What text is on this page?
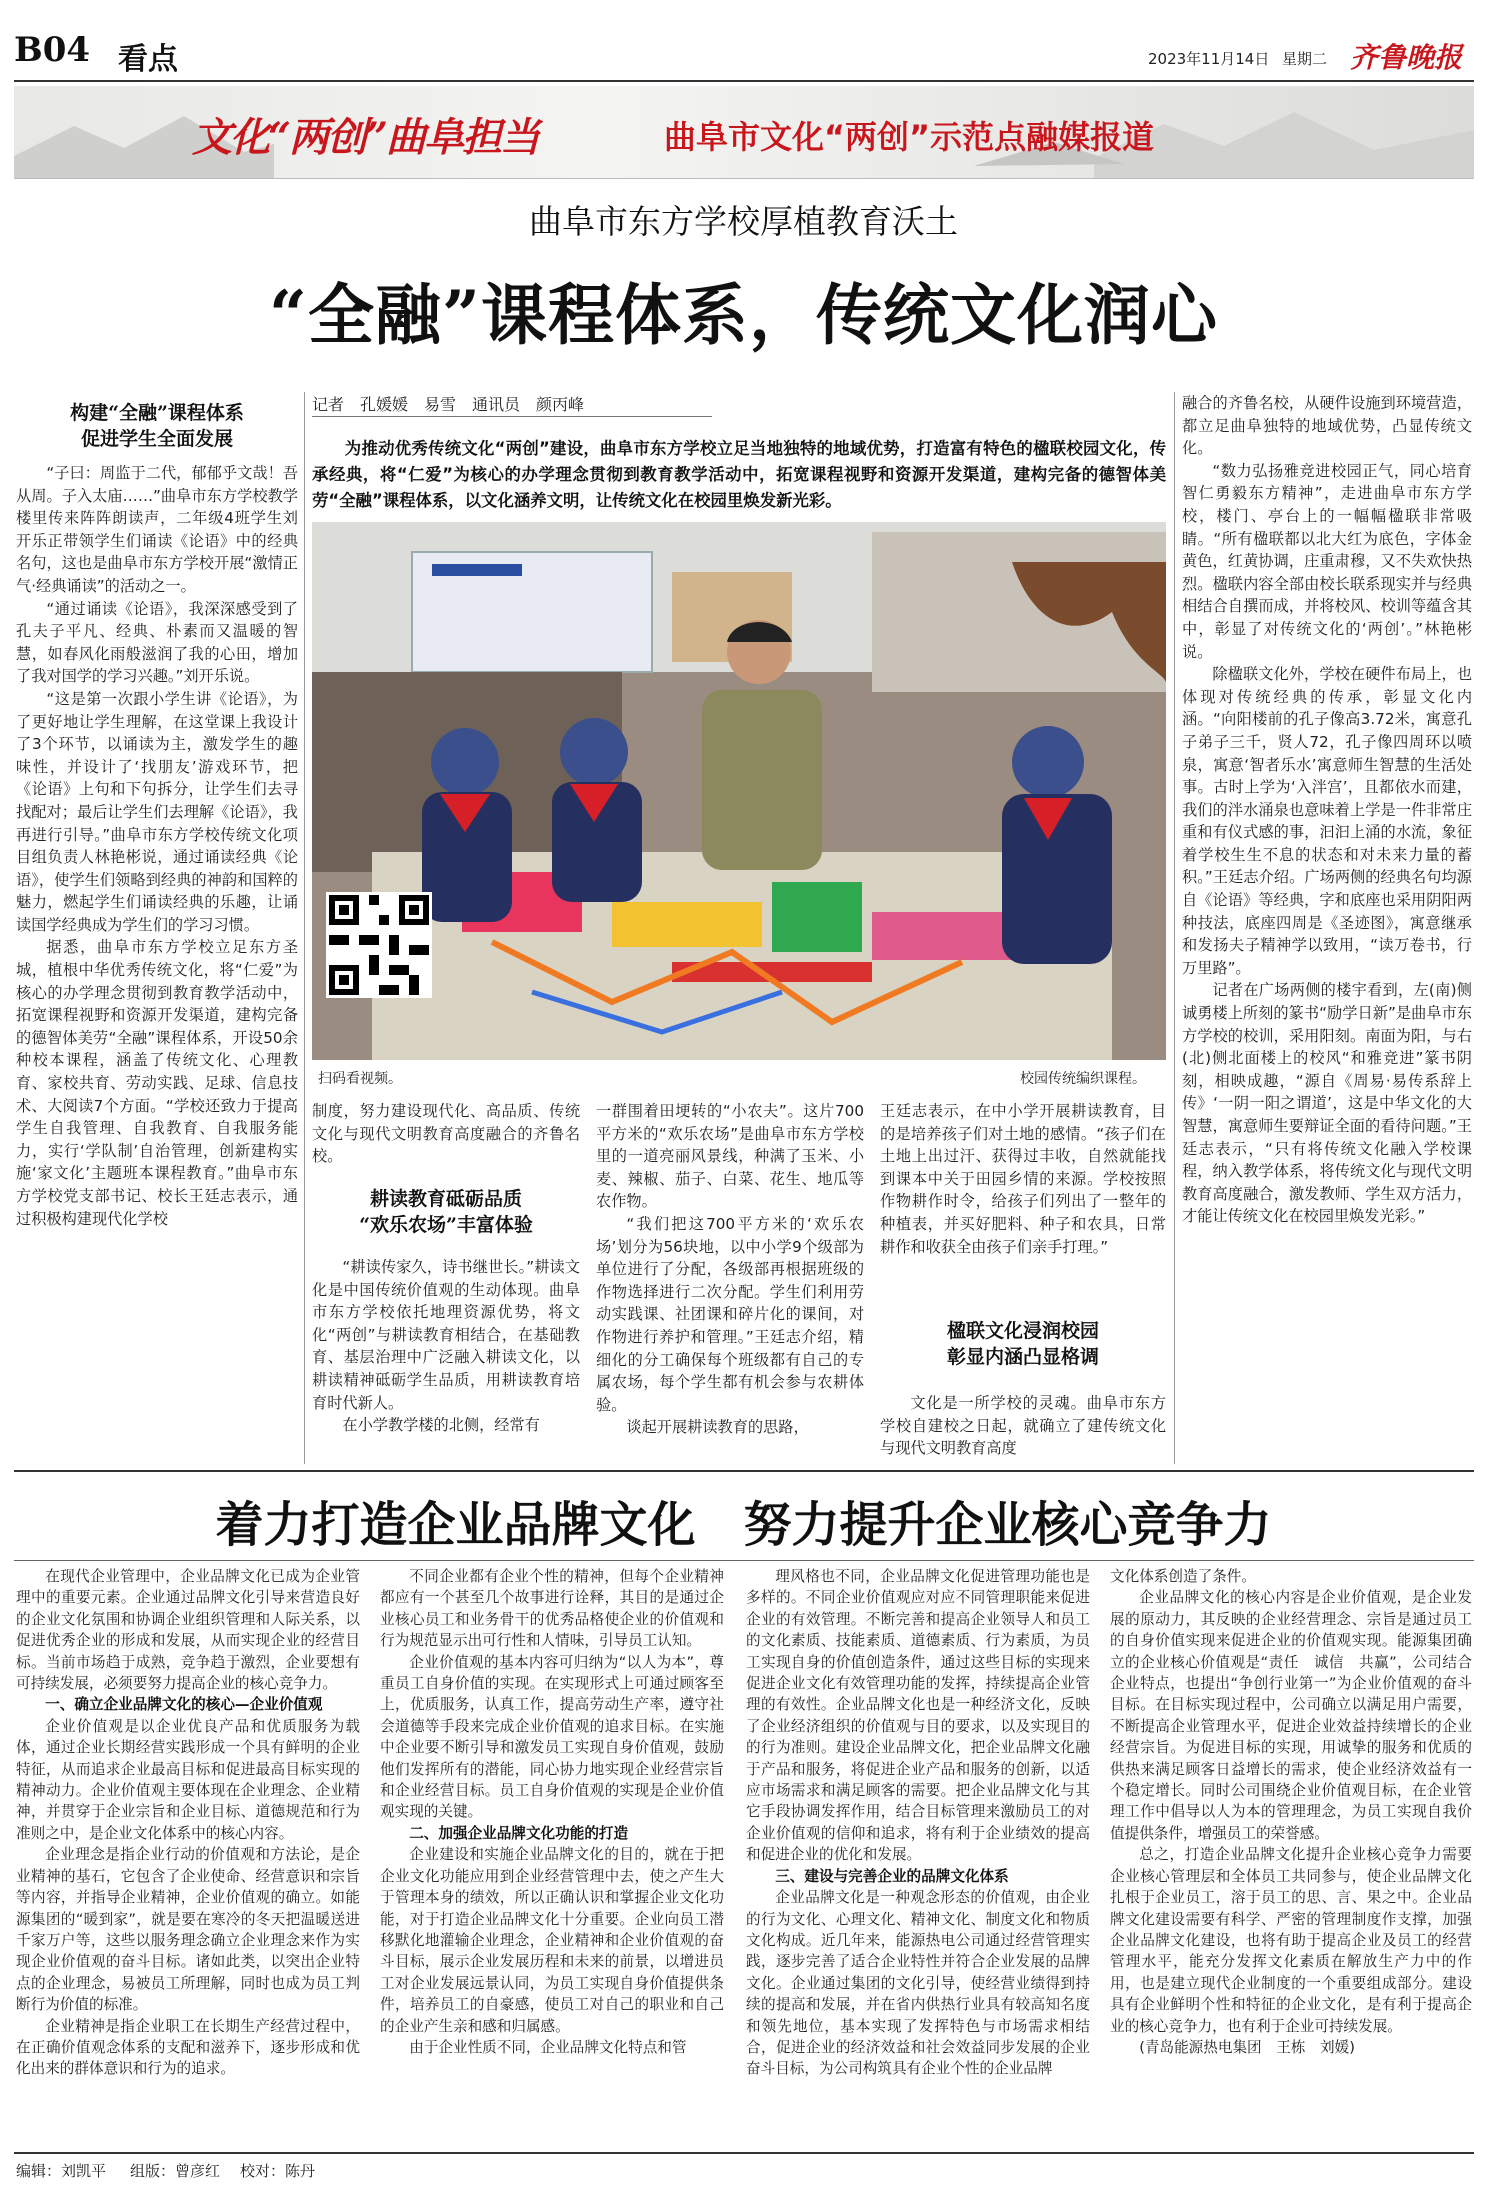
B04 看点	2023年11月14日 星期二 齐鲁晚报
文化“两创”曲阜担当	曲阜市文化“两创”示范点融媒报道
曲阜市东方学校厚植教育沃土
“全融”课程体系，传统文化润心
记者　孔媛媛　易雪　通讯员　颜丙峰
为推动优秀传统文化“两创”建设，曲阜市东方学校立足当地独特的地域优势，打造富有特色的楹联校园文化，传承经典，将“仁爱”为核心的办学理念贯彻到教育教学活动中，拓宽课程视野和资源开发渠道，建构完备的德智体美劳“全融”课程体系，以文化涵养文明，让传统文化在校园里焕发新光彩。
扫码看视频。	校园传统编织课程。
构建“全融”课程体系
促进学生全面发展

“子曰：周监于二代，郁郁乎文哉！吾从周。子入太庙……”曲阜市东方学校教学楼里传来阵阵朗读声，二年级4班学生刘开乐正带领学生们诵读《论语》中的经典名句，这也是曲阜市东方学校开展“激情正气·经典诵读”的活动之一。

“通过诵读《论语》，我深深感受到了孔夫子平凡、经典、朴素而又温暖的智慧，如春风化雨般滋润了我的心田，增加了我对国学的学习兴趣。”刘开乐说。

“这是第一次跟小学生讲《论语》，为了更好地让学生理解，在这堂课上我设计了3个环节，以诵读为主，激发学生的趣味性，并设计了‘找朋友’游戏环节，把《论语》上句和下句拆分，让学生们去寻找配对；最后让学生们去理解《论语》，我再进行引导。”曲阜市东方学校传统文化项目组负责人林艳彬说，通过诵读经典《论语》，使学生们领略到经典的神韵和国粹的魅力，燃起学生们诵读经典的乐趣，让诵读国学经典成为学生们的学习习惯。

据悉，曲阜市东方学校立足东方圣城，植根中华优秀传统文化，将“仁爱”为核心的办学理念贯彻到教育教学活动中，拓宽课程视野和资源开发渠道，建构完备的德智体美劳“全融”课程体系，开设50余种校本课程，涵盖了传统文化、心理教育、家校共育、劳动实践、足球、信息技术、大阅读7个方面。“学校还致力于提高学生自我管理、自我教育、自我服务能力，实行‘学队制’自治管理，创新建构实施‘家文化’主题班本课程教育。”曲阜市东方学校党支部书记、校长王廷志表示，通过积极构建现代化学校

制度，努力建设现代化、高品质、传统文化与现代文明教育高度融合的齐鲁名校。

耕读教育砥砺品质
“欢乐农场”丰富体验

“耕读传家久，诗书继世长。”耕读文化是中国传统价值观的生动体现。曲阜市东方学校依托地理资源优势，将文化“两创”与耕读教育相结合，在基础教育、基层治理中广泛融入耕读文化，以耕读精神砥砺学生品质，用耕读教育培育时代新人。

在小学教学楼的北侧，经常有

一群围着田埂转的“小农夫”。这片700平方米的“欢乐农场”是曲阜市东方学校里的一道亮丽风景线，种满了玉米、小麦、辣椒、茄子、白菜、花生、地瓜等农作物。

“我们把这700平方米的‘欢乐农场’划分为56块地，以中小学9个级部为单位进行了分配，各级部再根据班级的作物选择进行二次分配。学生们利用劳动实践课、社团课和碎片化的课间，对作物进行养护和管理。”王廷志介绍，精细化的分工确保每个班级都有自己的专属农场，每个学生都有机会参与农耕体验。

谈起开展耕读教育的思路，

王廷志表示，在中小学开展耕读教育，目的是培养孩子们对土地的感情。“孩子们在土地上出过汗、获得过丰收，自然就能找到课本中关于田园乡情的来源。学校按照作物耕作时令，给孩子们列出了一整年的种植表，并买好肥料、种子和农具，日常耕作和收获全由孩子们亲手打理。”

楹联文化浸润校园
彰显内涵凸显格调

文化是一所学校的灵魂。曲阜市东方学校自建校之日起，就确立了建传统文化与现代文明教育高度

融合的齐鲁名校，从硬件设施到环境营造，都立足曲阜独特的地域优势，凸显传统文化。

“数力弘扬雅竞进校园正气，同心培育智仁勇毅东方精神”，走进曲阜市东方学校，楼门、亭台上的一幅幅楹联非常吸睛。“所有楹联都以北大红为底色，字体金黄色，红黄协调，庄重肃穆，又不失欢快热烈。楹联内容全部由校长联系现实并与经典相结合自撰而成，并将校风、校训等蕴含其中，彰显了对传统文化的‘两创’。”林艳彬说。

除楹联文化外，学校在硬件布局上，也体现对传统经典的传承，彰显文化内涵。“向阳楼前的孔子像高3.72米，寓意孔子弟子三千，贤人72，孔子像四周环以喷泉，寓意‘智者乐水’寓意师生智慧的生活处事。古时上学为‘入泮宫’，且都依水而建，我们的泮水涌泉也意味着上学是一件非常庄重和有仪式感的事，汩汩上涌的水流，象征着学校生生不息的状态和对未来力量的蓄积。”王廷志介绍。广场两侧的经典名句均源自《论语》等经典，字和底座也采用阴阳两种技法，底座四周是《圣迹图》，寓意继承和发扬夫子精神学以致用，“读万卷书，行万里路”。

记者在广场两侧的楼宇看到，左(南)侧诚勇楼上所刻的篆书“励学日新”是曲阜市东方学校的校训，采用阳刻。南面为阳，与右(北)侧北面楼上的校风“和雅竞进”篆书阴刻，相映成趣，“源自《周易·易传系辞上传》‘一阴一阳之谓道’，这是中华文化的大智慧，寓意师生要辩证全面的看待问题。”王廷志表示，“只有将传统文化融入学校课程，纳入教学体系，将传统文化与现代文明教育高度融合，激发教师、学生双方活力，才能让传统文化在校园里焕发光彩。”

着力打造企业品牌文化　努力提升企业核心竞争力

在现代企业管理中，企业品牌文化已成为企业管理中的重要元素。企业通过品牌文化引导来营造良好的企业文化氛围和协调企业组织管理和人际关系，以促进优秀企业的形成和发展，从而实现企业的经营目标。当前市场趋于成熟，竞争趋于激烈，企业要想有可持续发展，必须要努力提高企业的核心竞争力。

一、确立企业品牌文化的核心—企业价值观

企业价值观是以企业优良产品和优质服务为载体，通过企业长期经营实践形成一个具有鲜明的企业特征，从而追求企业最高目标和促进最高目标实现的精神动力。企业价值观主要体现在企业理念、企业精神，并贯穿于企业宗旨和企业目标、道德规范和行为准则之中，是企业文化体系中的核心内容。

企业理念是指企业行动的价值观和方法论，是企业精神的基石，它包含了企业使命、经营意识和宗旨等内容，并指导企业精神，企业价值观的确立。如能源集团的“暖到家”，就是要在寒冷的冬天把温暖送进千家万户等，这些以服务理念确立企业理念来作为实现企业价值观的奋斗目标。诸如此类，以突出企业特点的企业理念，易被员工所理解，同时也成为员工判断行为价值的标准。

企业精神是指企业职工在长期生产经营过程中，在正确价值观念体系的支配和滋养下，逐步形成和优化出来的群体意识和行为的追求。

不同企业都有企业个性的精神，但每个企业精神都应有一个甚至几个故事进行诠释，其目的是通过企业核心员工和业务骨干的优秀品格使企业的价值观和行为规范显示出可行性和人情味，引导员工认知。

企业价值观的基本内容可归纳为“以人为本”，尊重员工自身价值的实现。在实现形式上可通过顾客至上，优质服务，认真工作，提高劳动生产率，遵守社会道德等手段来完成企业价值观的追求目标。在实施中企业要不断引导和激发员工实现自身价值观，鼓励他们发挥所有的潜能，同心协力地实现企业经营宗旨和企业经营目标。员工自身价值观的实现是企业价值观实现的关键。

二、加强企业品牌文化功能的打造

企业建设和实施企业品牌文化的目的，就在于把企业文化功能应用到企业经营管理中去，使之产生大于管理本身的绩效，所以正确认识和掌握企业文化功能，对于打造企业品牌文化十分重要。企业向员工潜移默化地灌输企业理念，企业精神和企业价值观的奋斗目标，展示企业发展历程和未来的前景，以增进员工对企业发展远景认同，为员工实现自身价值提供条件，培养员工的自豪感，使员工对自己的职业和自己的企业产生亲和感和归属感。

由于企业性质不同，企业品牌文化特点和管

理风格也不同，企业品牌文化促进管理功能也是多样的。不同企业价值观应对应不同管理职能来促进企业的有效管理。不断完善和提高企业领导人和员工的文化素质、技能素质、道德素质、行为素质，为员工实现自身的价值创造条件，通过这些目标的实现来促进企业文化有效管理功能的发挥，持续提高企业管理的有效性。企业品牌文化也是一种经济文化，反映了企业经济组织的价值观与目的要求，以及实现目的的行为准则。建设企业品牌文化，把企业品牌文化融于产品和服务，将促进企业产品和服务的创新，以适应市场需求和满足顾客的需要。把企业品牌文化与其它手段协调发挥作用，结合目标管理来激励员工的对企业价值观的信仰和追求，将有利于企业绩效的提高和促进企业的优化和发展。

三、建设与完善企业的品牌文化体系

企业品牌文化是一种观念形态的价值观，由企业的行为文化、心理文化、精神文化、制度文化和物质文化构成。近几年来，能源热电公司通过经营管理实践，逐步完善了适合企业特性并符合企业发展的品牌文化。企业通过集团的文化引导，使经营业绩得到持续的提高和发展，并在省内供热行业具有较高知名度和领先地位，基本实现了发挥特色与市场需求相结合，促进企业的经济效益和社会效益同步发展的企业奋斗目标，为公司构筑具有企业个性的企业品牌

文化体系创造了条件。

企业品牌文化的核心内容是企业价值观，是企业发展的原动力，其反映的企业经营理念、宗旨是通过员工的自身价值实现来促进企业的价值观实现。能源集团确立的企业核心价值观是“责任　诚信　共赢”，公司结合企业特点，也提出“争创行业第一”为企业价值观的奋斗目标。在目标实现过程中，公司确立以满足用户需要，不断提高企业管理水平，促进企业效益持续增长的企业经营宗旨。为促进目标的实现，用诚挚的服务和优质的供热来满足顾客日益增长的需求，使企业经济效益有一个稳定增长。同时公司围绕企业价值观目标，在企业管理工作中倡导以人为本的管理理念，为员工实现自我价值提供条件，增强员工的荣誉感。

总之，打造企业品牌文化提升企业核心竞争力需要企业核心管理层和全体员工共同参与，使企业品牌文化扎根于企业员工，溶于员工的思、言、果之中。企业品牌文化建设需要有科学、严密的管理制度作支撑，加强企业品牌文化建设，也将有助于提高企业及员工的经营管理水平，能充分发挥文化素质在解放生产力中的作用，也是建立现代企业制度的一个重要组成部分。建设具有企业鲜明个性和特征的企业文化，是有利于提高企业的核心竞争力，也有利于企业可持续发展。

(青岛能源热电集团　王栋　刘媛)

编辑：刘凯平 组版：曾彦红 校对：陈丹
